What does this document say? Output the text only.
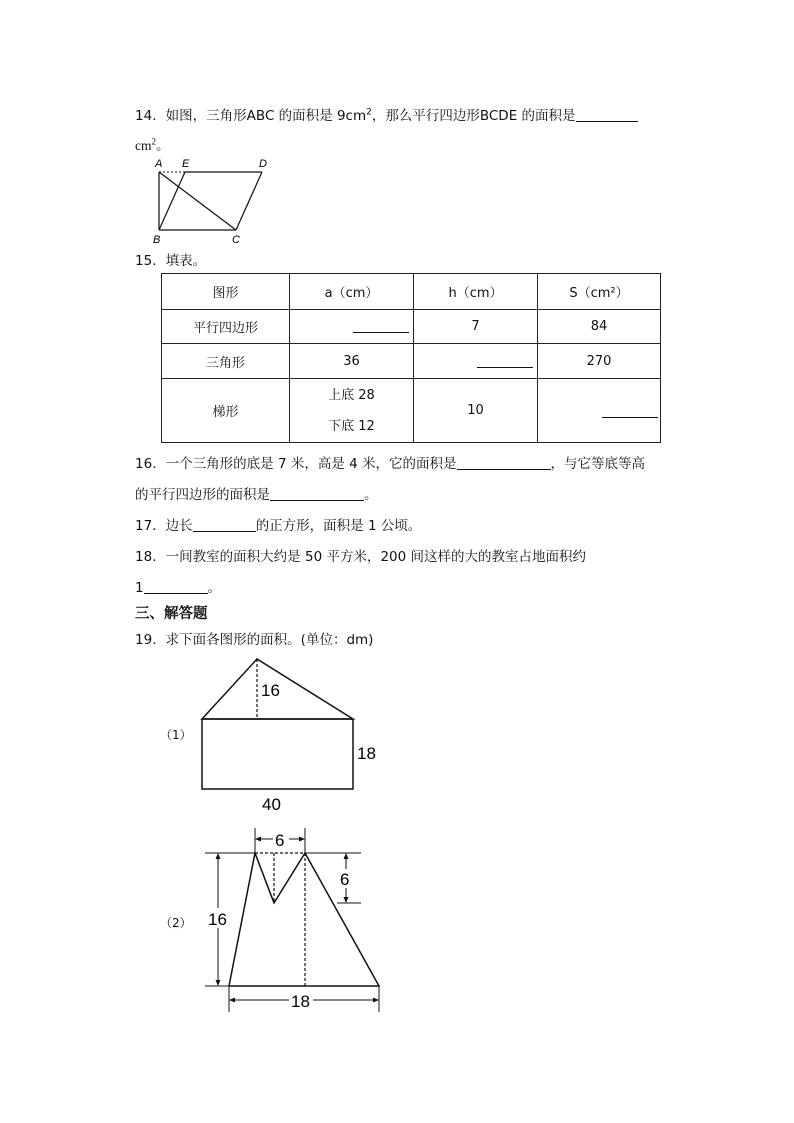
14．如图，三角形ABC 的面积是 $9cm^2$，那么平行四边形BCDE 的面积是
$cm^2$。
A E	D
B	C
15．填表。
图形	a（cm）	h（cm）	S（cm²）
平行四边形		7	84
三角形	36		270
梯形	上底 28
下底 12	10	
16．一个三角形的底是 7 米，高是 4 米，它的面积是	，与它等底等高
的平行四边形的面积是	。
17．边长	的正方形，面积是 1 公顷。
18．一间教室的面积大约是 50 平方米，200 间这样的大的教室占地面积约
1	。
三、解答题
19．求下面各图形的面积。(单位：dm)
（1）
16
18
40
（2）
6
6
16
18
